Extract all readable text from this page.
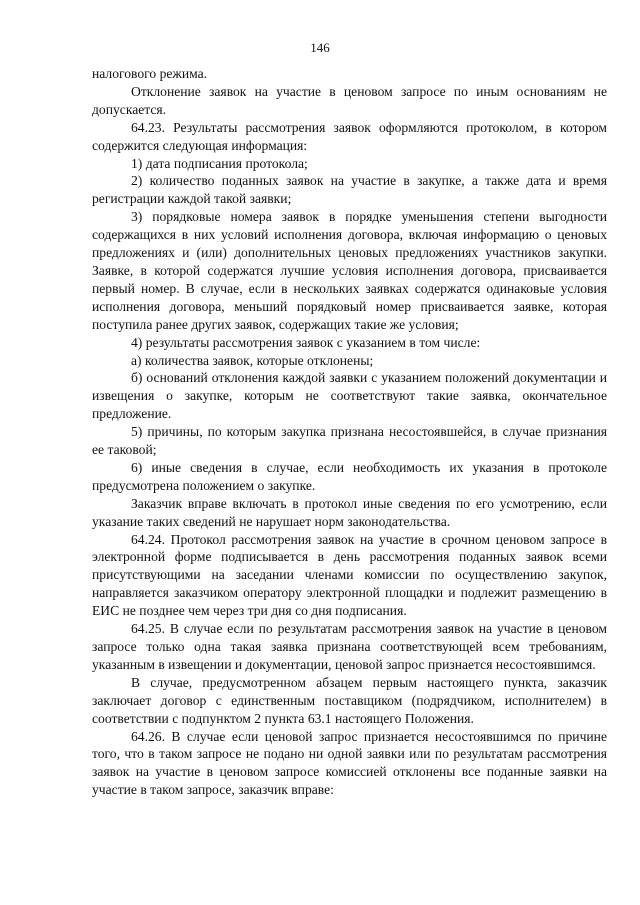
146

налогового режима.

Отклонение заявок на участие в ценовом запросе по иным основаниям не допускается.

64.23. Результаты рассмотрения заявок оформляются протоколом, в котором содержится следующая информация:

1) дата подписания протокола;

2) количество поданных заявок на участие в закупке, а также дата и время регистрации каждой такой заявки;

3) порядковые номера заявок в порядке уменьшения степени выгодности содержащихся в них условий исполнения договора, включая информацию о ценовых предложениях и (или) дополнительных ценовых предложениях участников закупки. Заявке, в которой содержатся лучшие условия исполнения договора, присваивается первый номер. В случае, если в нескольких заявках содержатся одинаковые условия исполнения договора, меньший порядковый номер присваивается заявке, которая поступила ранее других заявок, содержащих такие же условия;

4) результаты рассмотрения заявок с указанием в том числе:

а) количества заявок, которые отклонены;

б) оснований отклонения каждой заявки с указанием положений документации и извещения о закупке, которым не соответствуют такие заявка, окончательное предложение.

5) причины, по которым закупка признана несостоявшейся, в случае признания ее таковой;

6) иные сведения в случае, если необходимость их указания в протоколе предусмотрена положением о закупке.

Заказчик вправе включать в протокол иные сведения по его усмотрению, если указание таких сведений не нарушает норм законодательства.

64.24. Протокол рассмотрения заявок на участие в срочном ценовом запросе в электронной форме подписывается в день рассмотрения поданных заявок всеми присутствующими на заседании членами комиссии по осуществлению закупок, направляется заказчиком оператору электронной площадки и подлежит размещению в ЕИС не позднее чем через три дня со дня подписания.

64.25. В случае если по результатам рассмотрения заявок на участие в ценовом запросе только одна такая заявка признана соответствующей всем требованиям, указанным в извещении и документации, ценовой запрос признается несостоявшимся.

В случае, предусмотренном абзацем первым настоящего пункта, заказчик заключает договор с единственным поставщиком (подрядчиком, исполнителем) в соответствии с подпунктом 2 пункта 63.1 настоящего Положения.

64.26. В случае если ценовой запрос признается несостоявшимся по причине того, что в таком запросе не подано ни одной заявки или по результатам рассмотрения заявок на участие в ценовом запросе комиссией отклонены все поданные заявки на участие в таком запросе, заказчик вправе:
